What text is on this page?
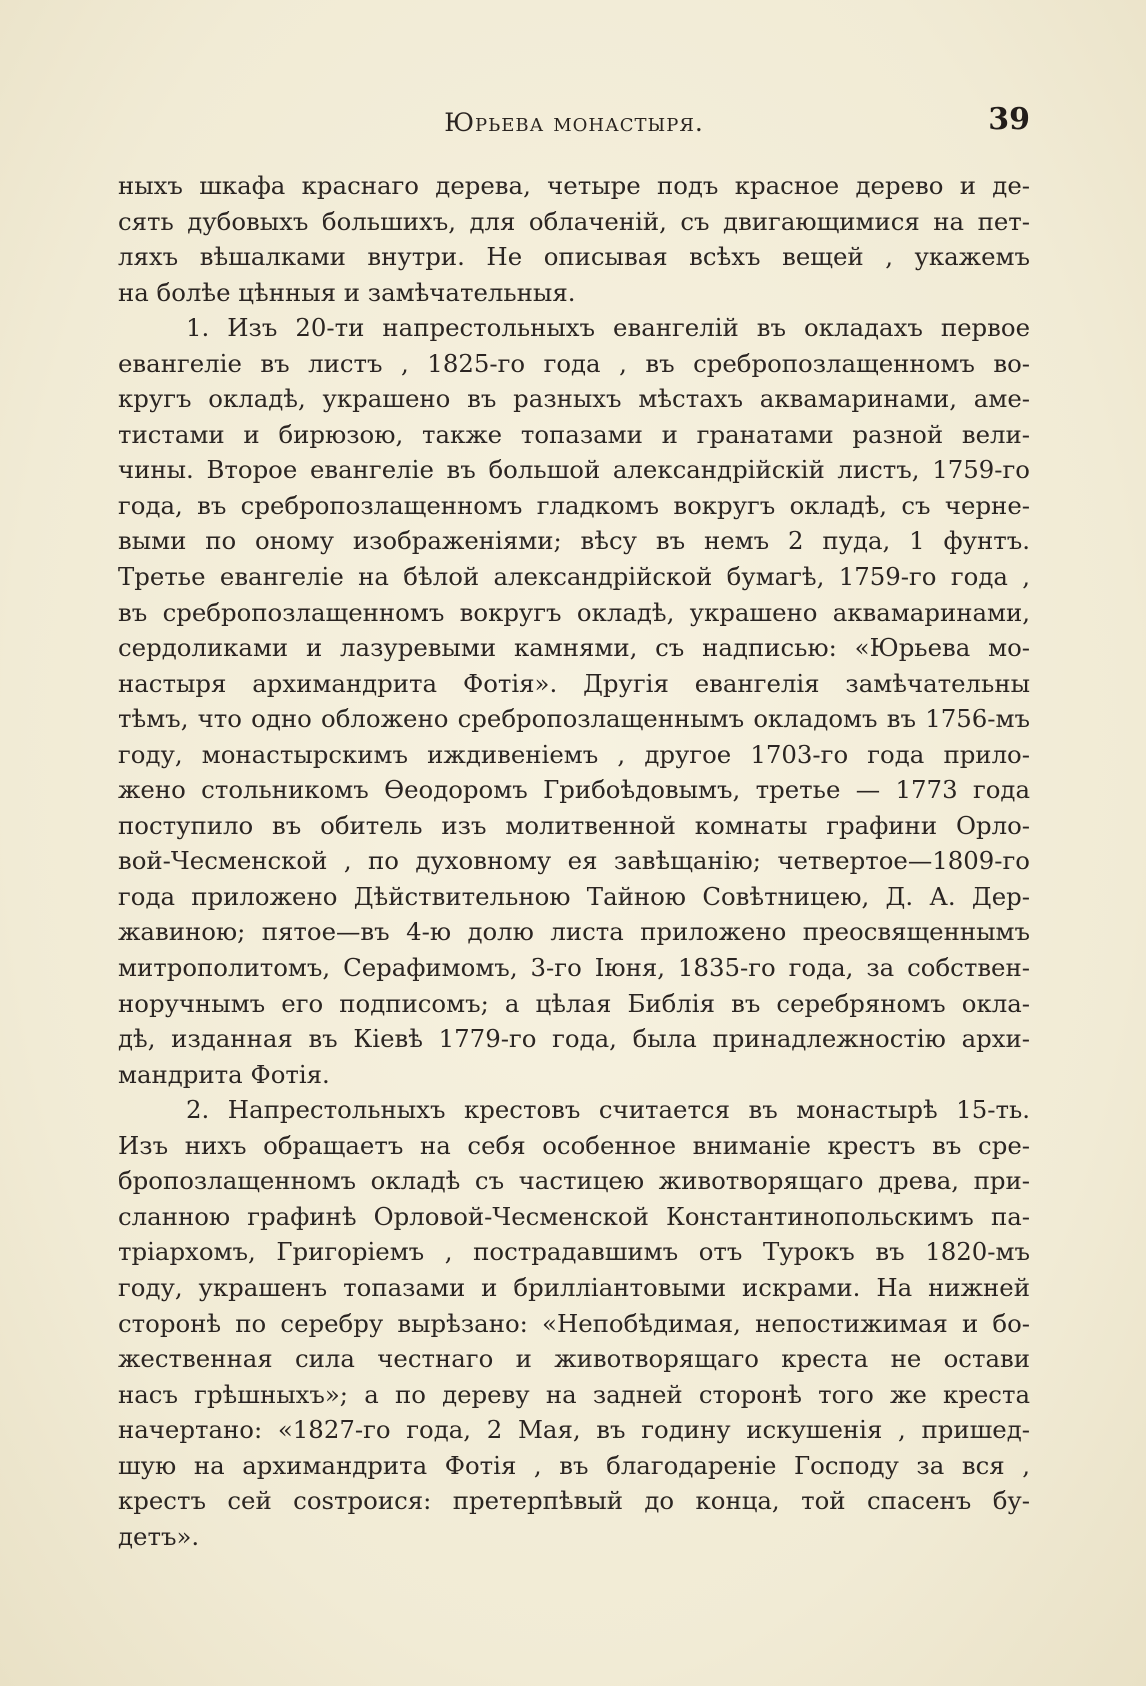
Юрьева монастыря.	39
ныхъ шкафа краснаго дерева, четыре подъ красное дерево и де-
сять дубовыхъ большихъ, для облаченій, съ двигающимися на пет-
ляхъ вѣшалками внутри. Не описывая всѣхъ вещей , укажемъ
на болѣе цѣнныя и замѣчательныя.
1. Изъ 20-ти напрестольныхъ евангелій въ окладахъ первое
евангеліе въ листъ , 1825-го года , въ сребропозлащенномъ во-
кругъ окладѣ, украшено въ разныхъ мѣстахъ аквамаринами, аме-
тистами и бирюзою, также топазами и гранатами разной вели-
чины. Второе евангеліе въ большой александрійскій листъ, 1759-го
года, въ сребропозлащенномъ гладкомъ вокругъ окладѣ, съ черне-
выми по оному изображеніями; вѣсу въ немъ 2 пуда, 1 фунтъ.
Третье евангеліе на бѣлой александрійской бумагѣ, 1759-го года ,
въ сребропозлащенномъ вокругъ окладѣ, украшено аквамаринами,
сердоликами и лазуревыми камнями, съ надписью: «Юрьева мо-
настыря архимандрита Фотія». Другія евангелія замѣчательны
тѣмъ, что одно обложено сребропозлащеннымъ окладомъ въ 1756-мъ
году, монастырскимъ иждивеніемъ , другое 1703-го года прило-
жено стольникомъ Ѳеодоромъ Грибоѣдовымъ, третье — 1773 года
поступило въ обитель изъ молитвенной комнаты графини Орло-
вой-Чесменской , по духовному ея завѣщанію; четвертое—1809-го
года приложено Дѣйствительною Тайною Совѣтницею, Д. А. Дер-
жавиною; пятое—въ 4-ю долю листа приложено преосвященнымъ
митрополитомъ, Серафимомъ, 3-го Іюня, 1835-го года, за собствен-
норучнымъ его подписомъ; а цѣлая Библія въ серебряномъ окла-
дѣ, изданная въ Кіевѣ 1779-го года, была принадлежностію архи-
мандрита Фотія.
2. Напрестольныхъ крестовъ считается въ монастырѣ 15-ть.
Изъ нихъ обращаетъ на себя особенное вниманіе крестъ въ сре-
бропозлащенномъ окладѣ съ частицею животворящаго древа, при-
сланною графинѣ Орловой-Чесменской Константинопольскимъ па-
тріархомъ, Григоріемъ , пострадавшимъ отъ Турокъ въ 1820-мъ
году, украшенъ топазами и брилліантовыми искрами. На нижней
сторонѣ по серебру вырѣзано: «Непобѣдимая, непостижимая и бо-
жественная сила честнаго и животворящаго креста не остави
насъ грѣшныхъ»; а по дереву на задней сторонѣ того же креста
начертано: «1827-го года, 2 Мая, въ годину искушенія , пришед-
шую на архимандрита Фотія , въ благодареніе Господу за вся ,
крестъ сей соѕтроися: претерпѣвый до конца, той спасенъ бу-
детъ».
